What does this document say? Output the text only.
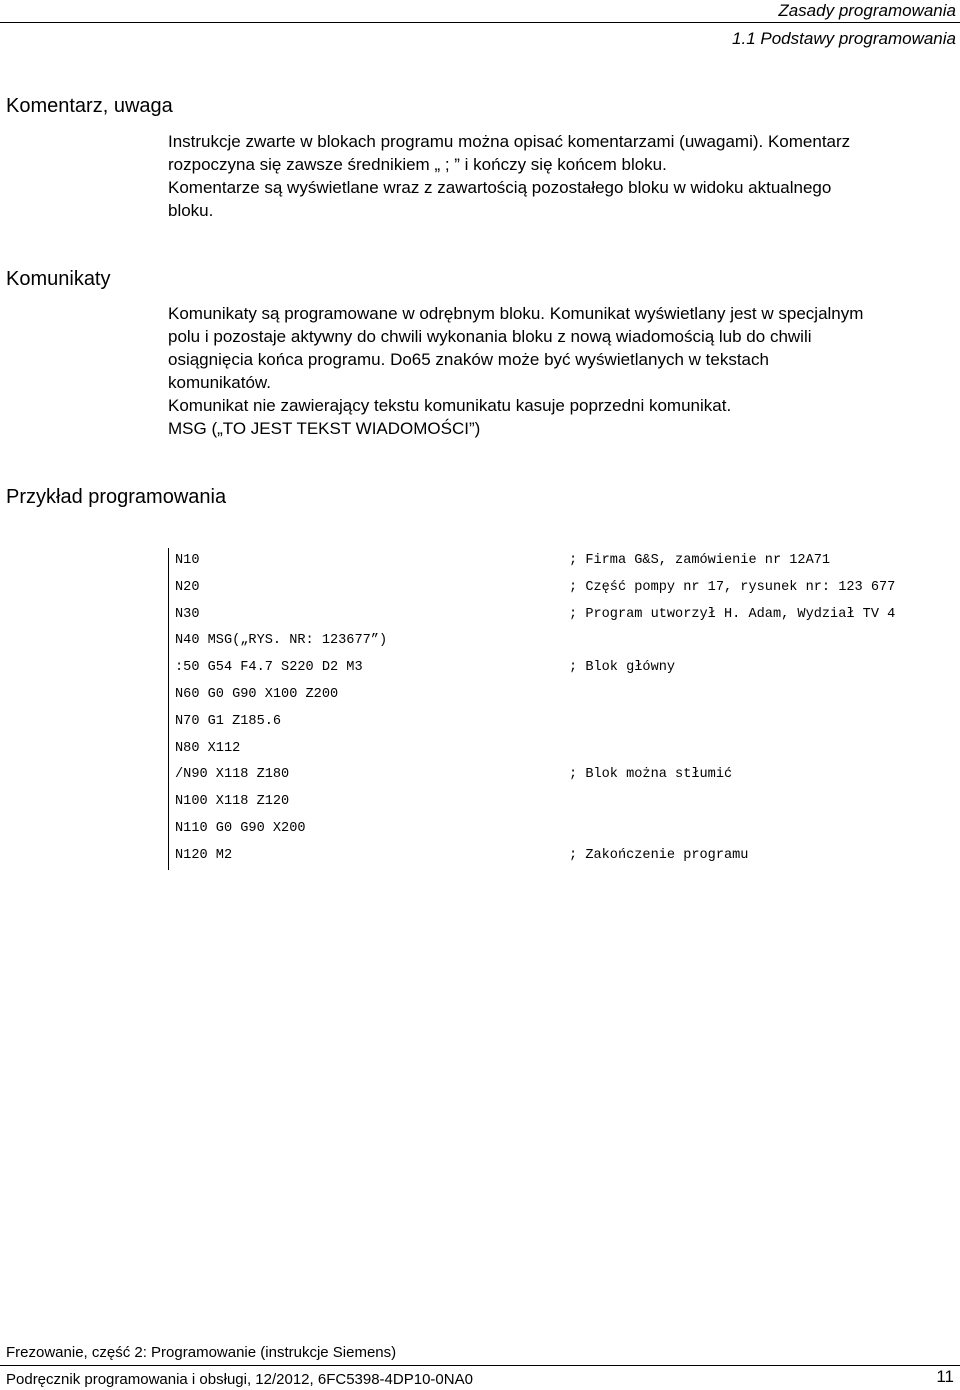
Zasady programowania
1.1 Podstawy programowania
Komentarz, uwaga

Instrukcje zwarte w blokach programu można opisać komentarzami (uwagami). Komentarz
rozpoczyna się zawsze średnikiem „ ; ” i kończy się końcem bloku.
Komentarze są wyświetlane wraz z zawartością pozostałego bloku w widoku aktualnego
bloku.

Komunikaty

Komunikaty są programowane w odrębnym bloku. Komunikat wyświetlany jest w specjalnym
polu i pozostaje aktywny do chwili wykonania bloku z nową wiadomością lub do chwili
osiągnięcia końca programu. Do65 znaków może być wyświetlanych w tekstach
komunikatów.
Komunikat nie zawierający tekstu komunikatu kasuje poprzedni komunikat.
MSG („TO JEST TEKST WIADOMOŚCI”)

Przykład programowania
N10	; Firma G&S, zamówienie nr 12A71
N20	; Część pompy nr 17, rysunek nr: 123 677
N30	; Program utworzył H. Adam, Wydział TV 4
N40 MSG(„RYS. NR: 123677”)
:50 G54 F4.7 S220 D2 M3	; Blok główny
N60 G0 G90 X100 Z200
N70 G1 Z185.6
N80 X112
/N90 X118 Z180	; Blok można stłumić
N100 X118 Z120
N110 G0 G90 X200
N120 M2	; Zakończenie programu
Frezowanie, część 2: Programowanie (instrukcje Siemens)
Podręcznik programowania i obsługi, 12/2012, 6FC5398-4DP10-0NA0	11
